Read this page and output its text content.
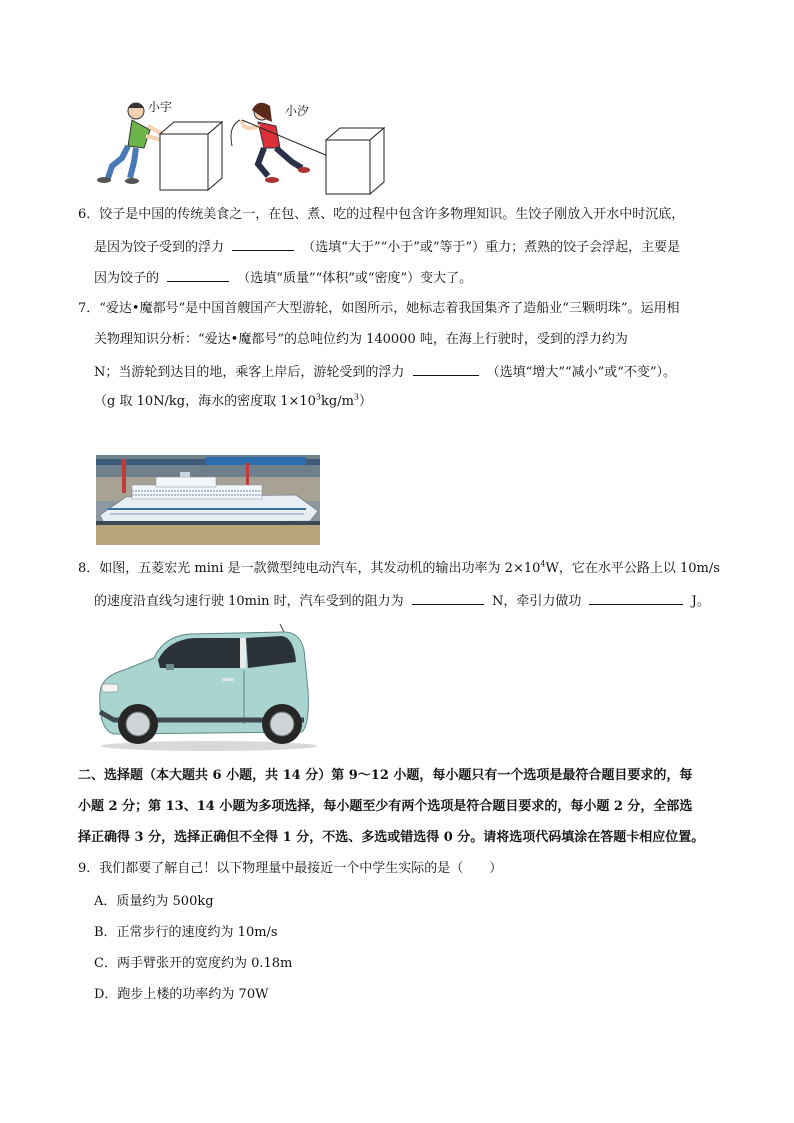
小宇	小汐
6．饺子是中国的传统美食之一，在包、煮、吃的过程中包含许多物理知识。生饺子刚放入开水中时沉底，
是因为饺子受到的浮力	（选填“大于”“小于”或“等于”）重力；煮熟的饺子会浮起，主要是
因为饺子的	（选填“质量”“体积”或“密度”）变大了。
7．“爱达•魔都号”是中国首艘国产大型游轮，如图所示，她标志着我国集齐了造船业“三颗明珠”。运用相
关物理知识分析：“爱达•魔都号”的总吨位约为 140000 吨，在海上行驶时，受到的浮力约为
N；当游轮到达目的地，乘客上岸后，游轮受到的浮力	（选填“增大”“减小”或“不变”）。
（g 取 10N/kg，海水的密度取 $1\times 10^3kg/m^3$）
8．如图，五菱宏光 mini 是一款微型纯电动汽车，其发动机的输出功率为 $2\times 10^4W$，它在水平公路上以 10m/s
的速度沿直线匀速行驶 10min 时，汽车受到的阻力为	N，牵引力做功	J。
二、选择题（本大题共 6 小题，共 14 分）第 9～12 小题，每小题只有一个选项是最符合题目要求的，每
小题 2 分；第 13、14 小题为多项选择，每小题至少有两个选项是符合题目要求的，每小题 2 分，全部选
择正确得 3 分，选择正确但不全得 1 分，不选、多选或错选得 0 分。请将选项代码填涂在答题卡相应位置。
9．我们都要了解自己！以下物理量中最接近一个中学生实际的是（　　）
A．质量约为 500kg
B．正常步行的速度约为 10m/s
C．两手臂张开的宽度约为 0.18m
D．跑步上楼的功率约为 70W
